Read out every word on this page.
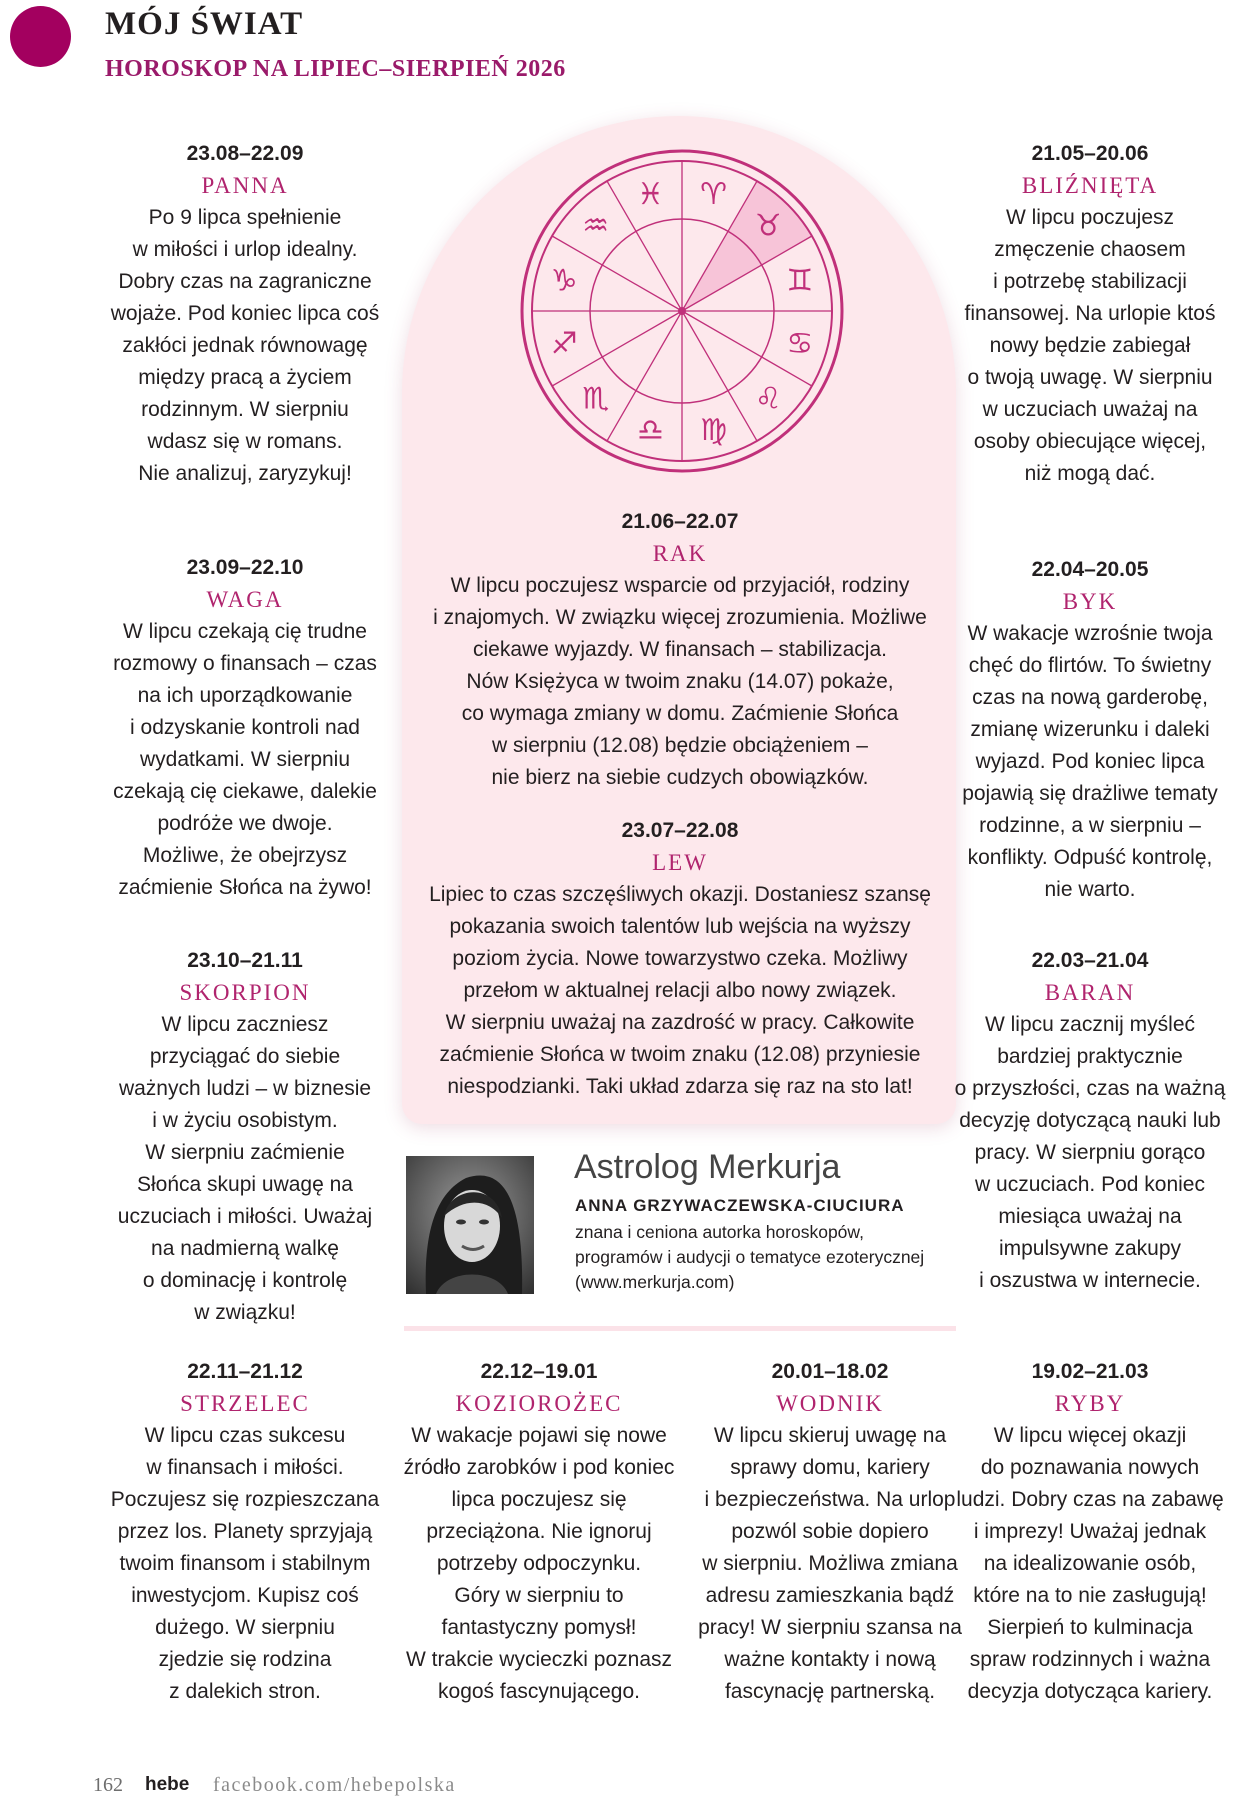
MÓJ ŚWIAT
HOROSKOP NA LIPIEC–SIERPIEŃ 2026
♓ ♈
♉
♊
♋
♌
♍
♎
♏
♐
♑
♒
23.08–22.09
PANNA
Po 9 lipca spełnienie
w miłości i urlop idealny.
Dobry czas na zagraniczne
wojaże. Pod koniec lipca coś
zakłóci jednak równowagę
między pracą a życiem
rodzinnym. W sierpniu
wdasz się w romans.
Nie analizuj, zaryzykuj!
23.09–22.10
WAGA
W lipcu czekają cię trudne
rozmowy o finansach – czas
na ich uporządkowanie
i odzyskanie kontroli nad
wydatkami. W sierpniu
czekają cię ciekawe, dalekie
podróże we dwoje.
Możliwe, że obejrzysz
zaćmienie Słońca na żywo!
23.10–21.11
SKORPION
W lipcu zaczniesz
przyciągać do siebie
ważnych ludzi – w biznesie
i w życiu osobistym.
W sierpniu zaćmienie
Słońca skupi uwagę na
uczuciach i miłości. Uważaj
na nadmierną walkę
o dominację i kontrolę
w związku!
21.05–20.06
BLIŹNIĘTA
W lipcu poczujesz
zmęczenie chaosem
i potrzebę stabilizacji
finansowej. Na urlopie ktoś
nowy będzie zabiegał
o twoją uwagę. W sierpniu
w uczuciach uważaj na
osoby obiecujące więcej,
niż mogą dać.
22.04–20.05
BYK
W wakacje wzrośnie twoja
chęć do flirtów. To świetny
czas na nową garderobę,
zmianę wizerunku i daleki
wyjazd. Pod koniec lipca
pojawią się drażliwe tematy
rodzinne, a w sierpniu –
konflikty. Odpuść kontrolę,
nie warto.
22.03–21.04
BARAN
W lipcu zacznij myśleć
bardziej praktycznie
o przyszłości, czas na ważną
decyzję dotyczącą nauki lub
pracy. W sierpniu gorąco
w uczuciach. Pod koniec
miesiąca uważaj na
impulsywne zakupy
i oszustwa w internecie.
21.06–22.07
RAK
W lipcu poczujesz wsparcie od przyjaciół, rodziny
i znajomych. W związku więcej zrozumienia. Możliwe
ciekawe wyjazdy. W finansach – stabilizacja.
Nów Księżyca w twoim znaku (14.07) pokaże,
co wymaga zmiany w domu. Zaćmienie Słońca
w sierpniu (12.08) będzie obciążeniem –
nie bierz na siebie cudzych obowiązków.
23.07–22.08
LEW
Lipiec to czas szczęśliwych okazji. Dostaniesz szansę
pokazania swoich talentów lub wejścia na wyższy
poziom życia. Nowe towarzystwo czeka. Możliwy
przełom w aktualnej relacji albo nowy związek.
W sierpniu uważaj na zazdrość w pracy. Całkowite
zaćmienie Słońca w twoim znaku (12.08) przyniesie
niespodzianki. Taki układ zdarza się raz na sto lat!
Astrolog Merkurja
ANNA GRZYWACZEWSKA-CIUCIURA
znana i ceniona autorka horoskopów,
programów i audycji o tematyce ezoterycznej
(www.merkurja.com)
22.11–21.12
STRZELEC
W lipcu czas sukcesu
w finansach i miłości.
Poczujesz się rozpieszczana
przez los. Planety sprzyjają
twoim finansom i stabilnym
inwestycjom. Kupisz coś
dużego. W sierpniu
zjedzie się rodzina
z dalekich stron.
22.12–19.01
KOZIOROŻEC
W wakacje pojawi się nowe
źródło zarobków i pod koniec
lipca poczujesz się
przeciążona. Nie ignoruj
potrzeby odpoczynku.
Góry w sierpniu to
fantastyczny pomysł!
W trakcie wycieczki poznasz
kogoś fascynującego.
20.01–18.02
WODNIK
W lipcu skieruj uwagę na
sprawy domu, kariery
i bezpieczeństwa. Na urlop
pozwól sobie dopiero
w sierpniu. Możliwa zmiana
adresu zamieszkania bądź
pracy! W sierpniu szansa na
ważne kontakty i nową
fascynację partnerską.
19.02–21.03
RYBY
W lipcu więcej okazji
do poznawania nowych
ludzi. Dobry czas na zabawę
i imprezy! Uważaj jednak
na idealizowanie osób,
które na to nie zasługują!
Sierpień to kulminacja
spraw rodzinnych i ważna
decyzja dotycząca kariery.
162 hebe facebook.com/hebepolska
